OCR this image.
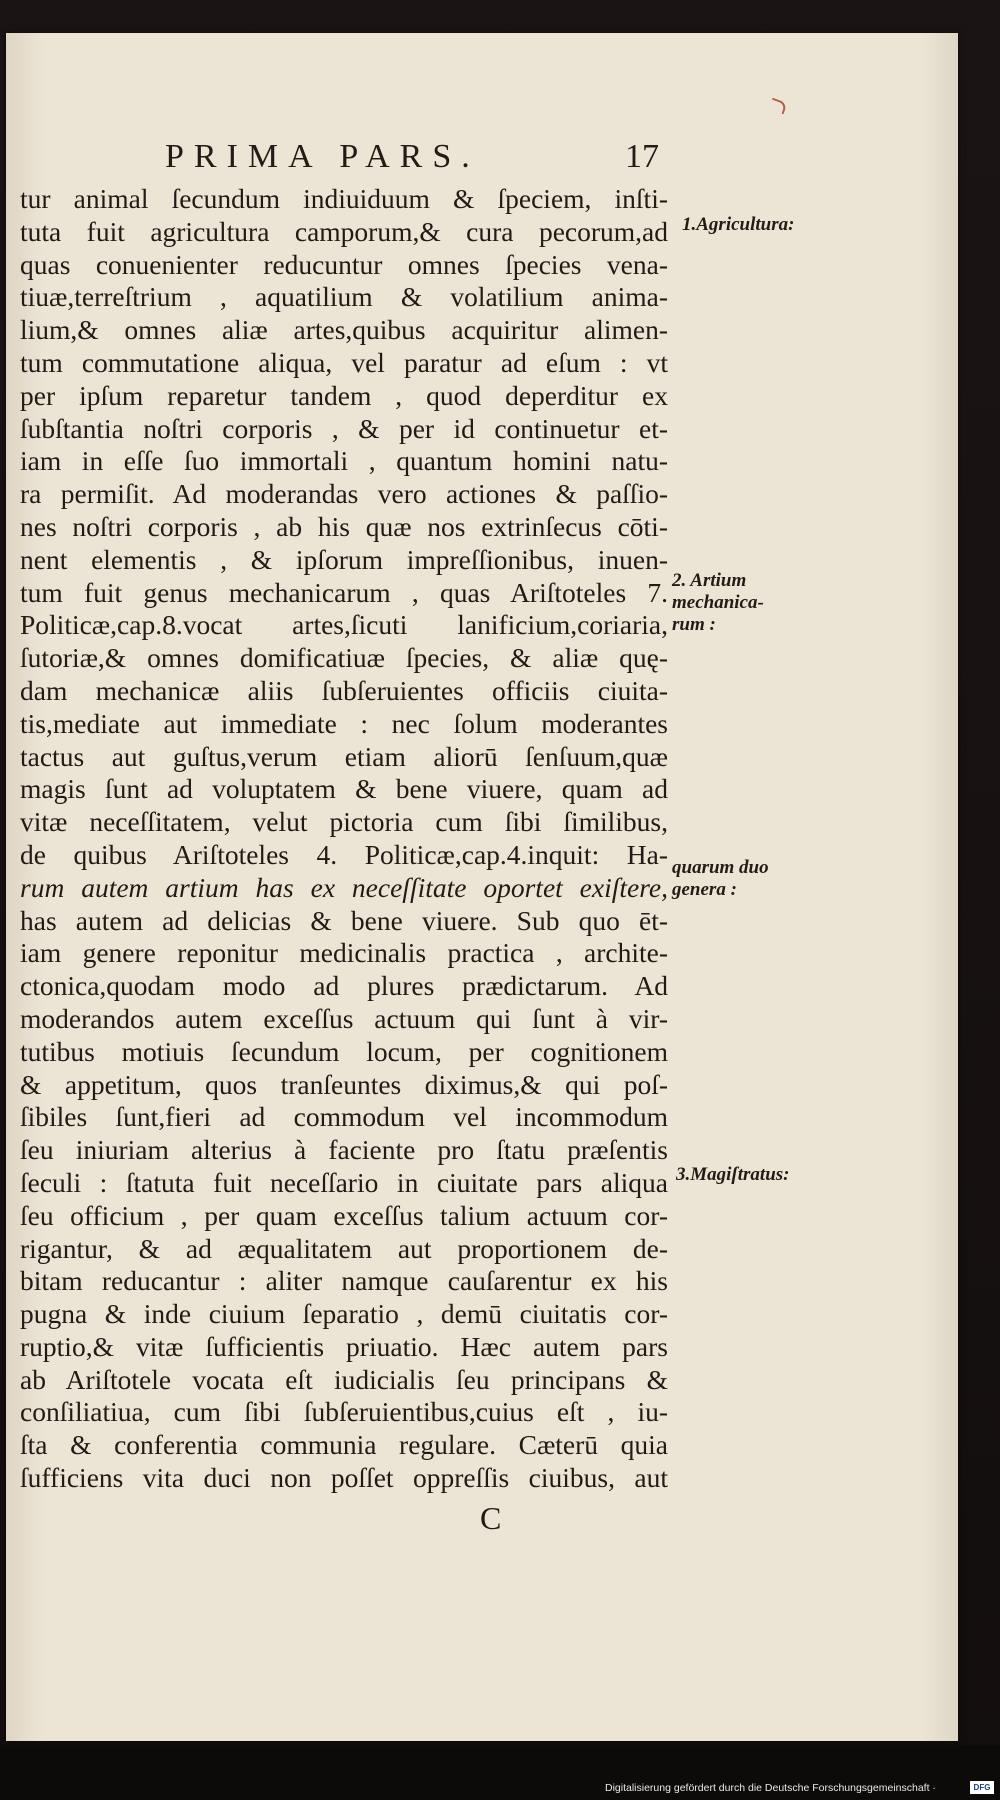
PRIMA PARS.	17
tur animal ſecundum indiuiduum & ſpeciem, inſti-
tuta fuit agricultura camporum,& cura pecorum,ad
quas conuenienter reducuntur omnes ſpecies vena-
tiuæ,terreſtrium , aquatilium & volatilium anima-
lium,& omnes aliæ artes,quibus acquiritur alimen-
tum commutatione aliqua, vel paratur ad eſum : vt
per ipſum reparetur tandem , quod deperditur ex
ſubſtantia noſtri corporis , & per id continuetur et-
iam in eſſe ſuo immortali , quantum homini natu-
ra permiſit. Ad moderandas vero actiones & paſſio-
nes noſtri corporis , ab his quæ nos extrinſecus cōti-
nent elementis , & ipſorum impreſſionibus, inuen-
tum fuit genus mechanicarum , quas Ariſtoteles 7.
Politicæ,cap.8.vocat artes,ſicuti lanificium,coriaria,
ſutoriæ,& omnes domificatiuæ ſpecies, & aliæ quę-
dam mechanicæ aliis ſubſeruientes officiis ciuita-
tis,mediate aut immediate : nec ſolum moderantes
tactus aut guſtus,verum etiam aliorū ſenſuum,quæ
magis ſunt ad voluptatem & bene viuere, quam ad
vitæ neceſſitatem, velut pictoria cum ſibi ſimilibus,
de quibus Ariſtoteles 4. Politicæ,cap.4.inquit: Ha-
rum autem artium has ex neceſſitate oportet exiſtere,
has autem ad delicias & bene viuere. Sub quo ēt-
iam genere reponitur medicinalis practica , archite-
ctonica,quodam modo ad plures prædictarum. Ad
moderandos autem exceſſus actuum qui ſunt à vir-
tutibus motiuis ſecundum locum, per cognitionem
& appetitum, quos tranſeuntes diximus,& qui poſ-
ſibiles ſunt,fieri ad commodum vel incommodum
ſeu iniuriam alterius à faciente pro ſtatu præſentis
ſeculi : ſtatuta fuit neceſſario in ciuitate pars aliqua
ſeu officium , per quam exceſſus talium actuum cor-
rigantur, & ad æqualitatem aut proportionem de-
bitam reducantur : aliter namque cauſarentur ex his
pugna & inde ciuium ſeparatio , demū ciuitatis cor-
ruptio,& vitæ ſufficientis priuatio. Hæc autem pars
ab Ariſtotele vocata eſt iudicialis ſeu principans &
conſiliatiua, cum ſibi ſubſeruientibus,cuius eſt , iu-
ſta & conferentia communia regulare. Cæterū quia
ſufficiens vita duci non poſſet oppreſſis ciuibus, aut
1.Agricultura:
2. Artium
mechanica-
rum :
quarum duo
genera :
3.Magiſtratus:
C
Digitalisierung gefördert durch die Deutsche Forschungsgemeinschaft ·	DFG
